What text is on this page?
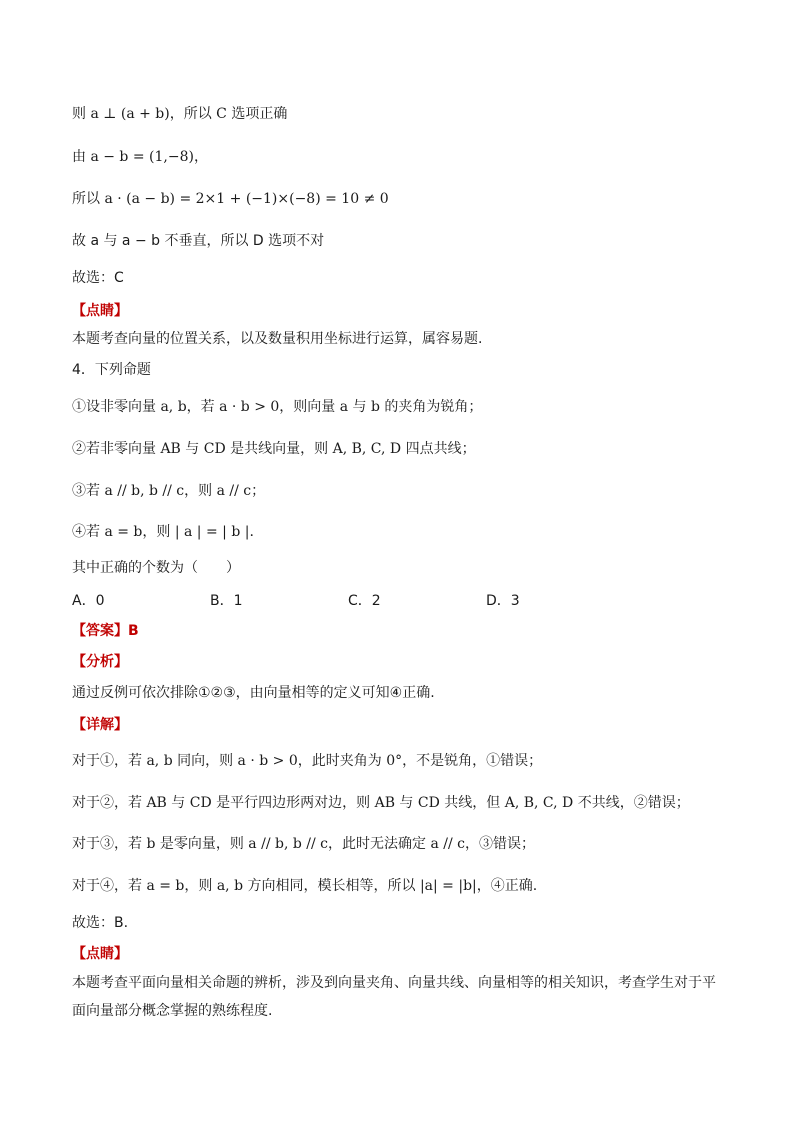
则 a ⊥ (a + b)，所以 C 选项正确
由 a − b = (1,−8)，
所以 a · (a − b) = 2×1 + (−1)×(−8) = 10 ≠ 0
故 a 与 a − b 不垂直，所以 D 选项不对
故选：C
【点睛】
本题考查向量的位置关系，以及数量积用坐标进行运算，属容易题.
4．下列命题
①设非零向量 a, b，若 a · b > 0，则向量 a 与 b 的夹角为锐角；
②若非零向量 AB 与 CD 是共线向量，则 A, B, C, D 四点共线；
③若 a // b, b // c，则 a // c；
④若 a = b，则 | a | = | b |.
其中正确的个数为（　　）
A．0	B．1	C．2	D．3
【答案】B
【分析】
通过反例可依次排除①②③，由向量相等的定义可知④正确.
【详解】
对于①，若 a, b 同向，则 a · b > 0，此时夹角为 0°，不是锐角，①错误；
对于②，若 AB 与 CD 是平行四边形两对边，则 AB 与 CD 共线，但 A, B, C, D 不共线，②错误；
对于③，若 b 是零向量，则 a // b, b // c，此时无法确定 a // c，③错误；
对于④，若 a = b，则 a, b 方向相同，模长相等，所以 |a| = |b|，④正确.
故选：B.
【点睛】
本题考查平面向量相关命题的辨析，涉及到向量夹角、向量共线、向量相等的相关知识，考查学生对于平面向量部分概念掌握的熟练程度.
